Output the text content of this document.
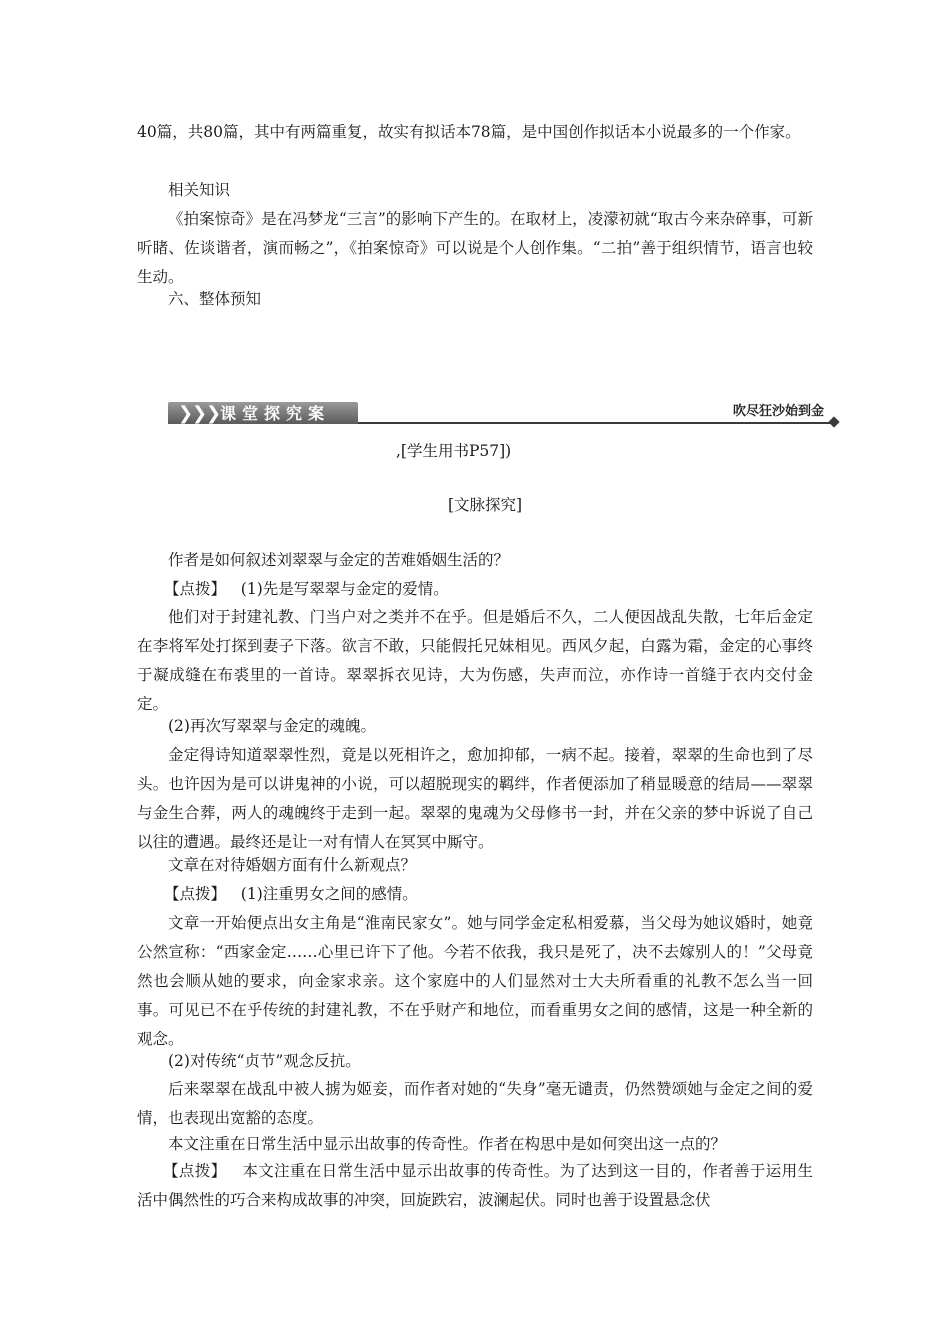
40篇，共80篇，其中有两篇重复，故实有拟话本78篇，是中国创作拟话本小说最多的一个作家。

相关知识

《拍案惊奇》是在冯梦龙“三言”的影响下产生的。在取材上，凌濛初就“取古今来杂碎事，可新听睹、佐谈谐者，演而畅之”，《拍案惊奇》可以说是个人创作集。“二拍”善于组织情节，语言也较生动。

六、整体预知

❯
❯
❯
课堂探究案	吹尽狂沙始到金
,[学生用书P57])
[文脉探究]

作者是如何叙述刘翠翠与金定的苦难婚姻生活的？

【点拨】 (1)先是写翠翠与金定的爱情。

他们对于封建礼教、门当户对之类并不在乎。但是婚后不久，二人便因战乱失散，七年后金定在李将军处打探到妻子下落。欲言不敢，只能假托兄妹相见。西风夕起，白露为霜，金定的心事终于凝成缝在布裘里的一首诗。翠翠拆衣见诗，大为伤感，失声而泣，亦作诗一首缝于衣内交付金定。

(2)再次写翠翠与金定的魂魄。

金定得诗知道翠翠性烈，竟是以死相许之，愈加抑郁，一病不起。接着，翠翠的生命也到了尽头。也许因为是可以讲鬼神的小说，可以超脱现实的羁绊，作者便添加了稍显暖意的结局——翠翠与金生合葬，两人的魂魄终于走到一起。翠翠的鬼魂为父母修书一封，并在父亲的梦中诉说了自己以往的遭遇。最终还是让一对有情人在冥冥中厮守。

文章在对待婚姻方面有什么新观点？

【点拨】 (1)注重男女之间的感情。

文章一开始便点出女主角是“淮南民家女”。她与同学金定私相爱慕，当父母为她议婚时，她竟公然宣称：“西家金定……心里已许下了他。今若不依我，我只是死了，决不去嫁别人的！”父母竟然也会顺从她的要求，向金家求亲。这个家庭中的人们显然对士大夫所看重的礼教不怎么当一回事。可见已不在乎传统的封建礼教，不在乎财产和地位，而看重男女之间的感情，这是一种全新的观念。

(2)对传统“贞节”观念反抗。

后来翠翠在战乱中被人掳为姬妾，而作者对她的“失身”毫无谴责，仍然赞颂她与金定之间的爱情，也表现出宽豁的态度。

本文注重在日常生活中显示出故事的传奇性。作者在构思中是如何突出这一点的？

【点拨】 本文注重在日常生活中显示出故事的传奇性。为了达到这一目的，作者善于运用生活中偶然性的巧合来构成故事的冲突，回旋跌宕，波澜起伏。同时也善于设置悬念伏
